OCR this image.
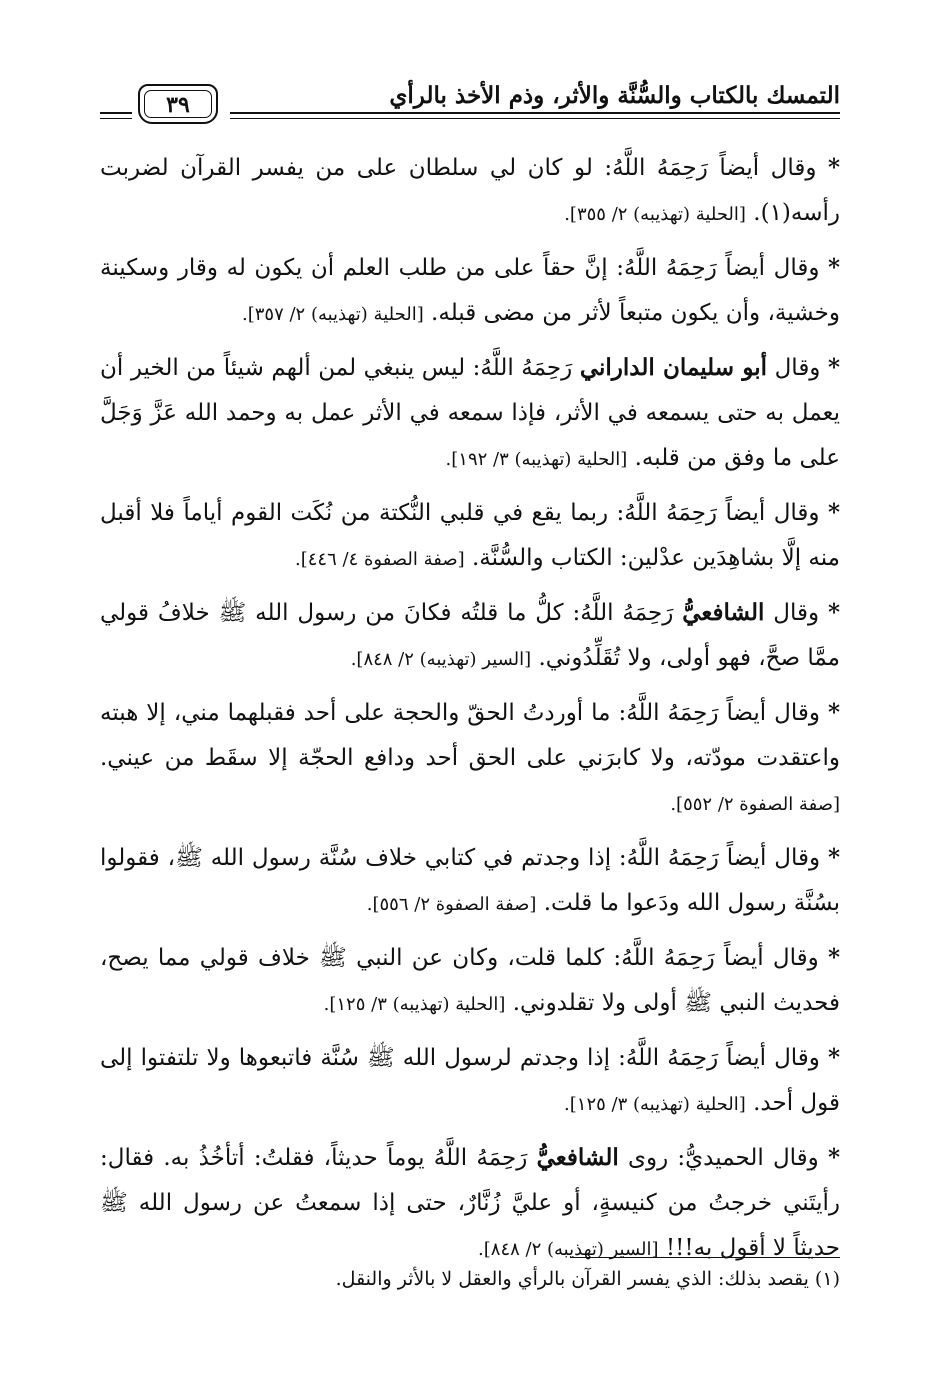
٣٩	التمسك بالكتاب والسُّنَّة والأثر، وذم الأخذ بالرأي

* وقال أيضاً رَحِمَهُ اللَّهُ: لو كان لي سلطان على من يفسر القرآن لضربت رأسه(١). [الحلية (تهذيبه) ٢/ ٣٥٥].

* وقال أيضاً رَحِمَهُ اللَّهُ: إنَّ حقاً على من طلب العلم أن يكون له وقار وسكينة وخشية، وأن يكون متبعاً لأثر من مضى قبله. [الحلية (تهذيبه) ٢/ ٣٥٧].

* وقال أبو سليمان الداراني رَحِمَهُ اللَّهُ: ليس ينبغي لمن ألهم شيئاً من الخير أن يعمل به حتى يسمعه في الأثر، فإذا سمعه في الأثر عمل به وحمد الله عَزَّ وَجَلَّ على ما وفق من قلبه. [الحلية (تهذيبه) ٣/ ١٩٢].

* وقال أيضاً رَحِمَهُ اللَّهُ: ربما يقع في قلبي النُّكتة من نُكَت القوم أياماً فلا أقبل منه إلَّا بشاهِدَين عدْلين: الكتاب والسُّنَّة. [صفة الصفوة ٤/ ٤٤٦].

* وقال الشافعيُّ رَحِمَهُ اللَّهُ: كلُّ ما قلتُه فكانَ من رسول الله ﷺ خلافُ قولي ممَّا صحَّ، فهو أولى، ولا تُقَلِّدُوني. [السير (تهذيبه) ٢/ ٨٤٨].

* وقال أيضاً رَحِمَهُ اللَّهُ: ما أوردتُ الحقّ والحجة على أحد فقبلهما مني، إلا هبته واعتقدت مودّته، ولا كابرَني على الحق أحد ودافع الحجّة إلا سقَط من عيني. [صفة الصفوة ٢/ ٥٥٢].

* وقال أيضاً رَحِمَهُ اللَّهُ: إذا وجدتم في كتابي خلاف سُنَّة رسول الله ﷺ، فقولوا بسُنَّة رسول الله ودَعوا ما قلت. [صفة الصفوة ٢/ ٥٥٦].

* وقال أيضاً رَحِمَهُ اللَّهُ: كلما قلت، وكان عن النبي ﷺ خلاف قولي مما يصح، فحديث النبي ﷺ أولى ولا تقلدوني. [الحلية (تهذيبه) ٣/ ١٢٥].

* وقال أيضاً رَحِمَهُ اللَّهُ: إذا وجدتم لرسول الله ﷺ سُنَّة فاتبعوها ولا تلتفتوا إلى قول أحد. [الحلية (تهذيبه) ٣/ ١٢٥].

* وقال الحميديُّ: روى الشافعيُّ رَحِمَهُ اللَّهُ يوماً حديثاً، فقلتُ: أتأخُذُ به. فقال: رأيتَني خرجتُ من كنيسةٍ، أو عليَّ زُنَّارٌ، حتى إذا سمعتُ عن رسول الله ﷺ حديثاً لا أقول به!!! [السير (تهذيبه) ٢/ ٨٤٨].

(١) يقصد بذلك: الذي يفسر القرآن بالرأي والعقل لا بالأثر والنقل.
